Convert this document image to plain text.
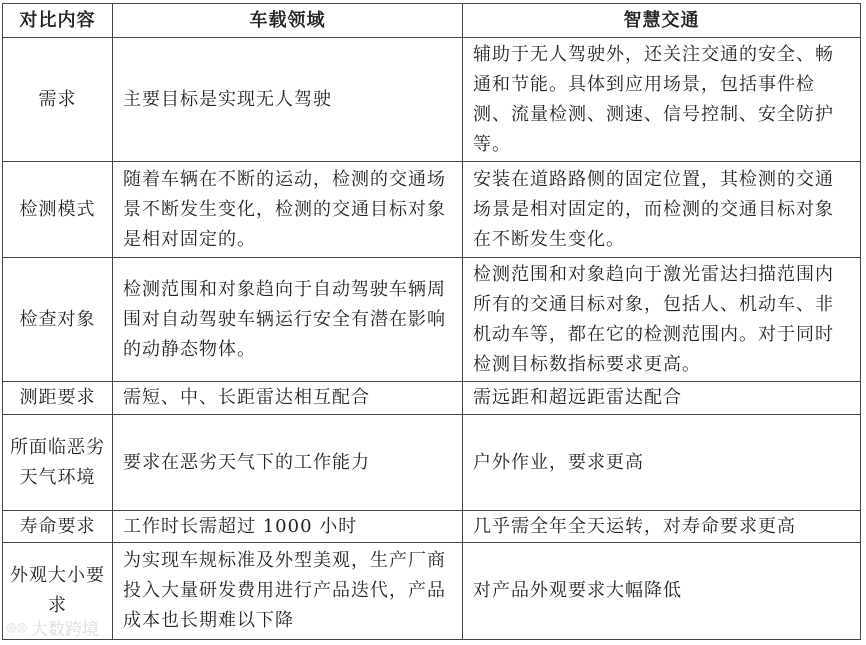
对比内容	车载领域	智慧交通
需求	主要目标是实现无人驾驶	辅助于无人驾驶外，还关注交通的安全、畅通和节能。具体到应用场景，包括事件检测、流量检测、测速、信号控制、安全防护等。
检测模式	随着车辆在不断的运动，检测的交通场景不断发生变化，检测的交通目标对象是相对固定的。	安装在道路路侧的固定位置，其检测的交通场景是相对固定的，而检测的交通目标对象在不断发生变化。
检查对象	检测范围和对象趋向于自动驾驶车辆周围对自动驾驶车辆运行安全有潜在影响的动静态物体。	检测范围和对象趋向于激光雷达扫描范围内所有的交通目标对象，包括人、机动车、非机动车等，都在它的检测范围内。对于同时检测目标数指标要求更高。
测距要求	需短、中、长距雷达相互配合	需远距和超远距雷达配合
所面临恶劣天气环境	要求在恶劣天气下的工作能力	户外作业，要求更高
寿命要求	工作时长需超过 1000 小时	几乎需全年全天运转，对寿命要求更高
外观大小要求	为实现车规标准及外型美观，生产厂商投入大量研发费用进行产品迭代，产品成本也长期难以下降	对产品外观要求大幅降低
◎◎ 大数跨境
